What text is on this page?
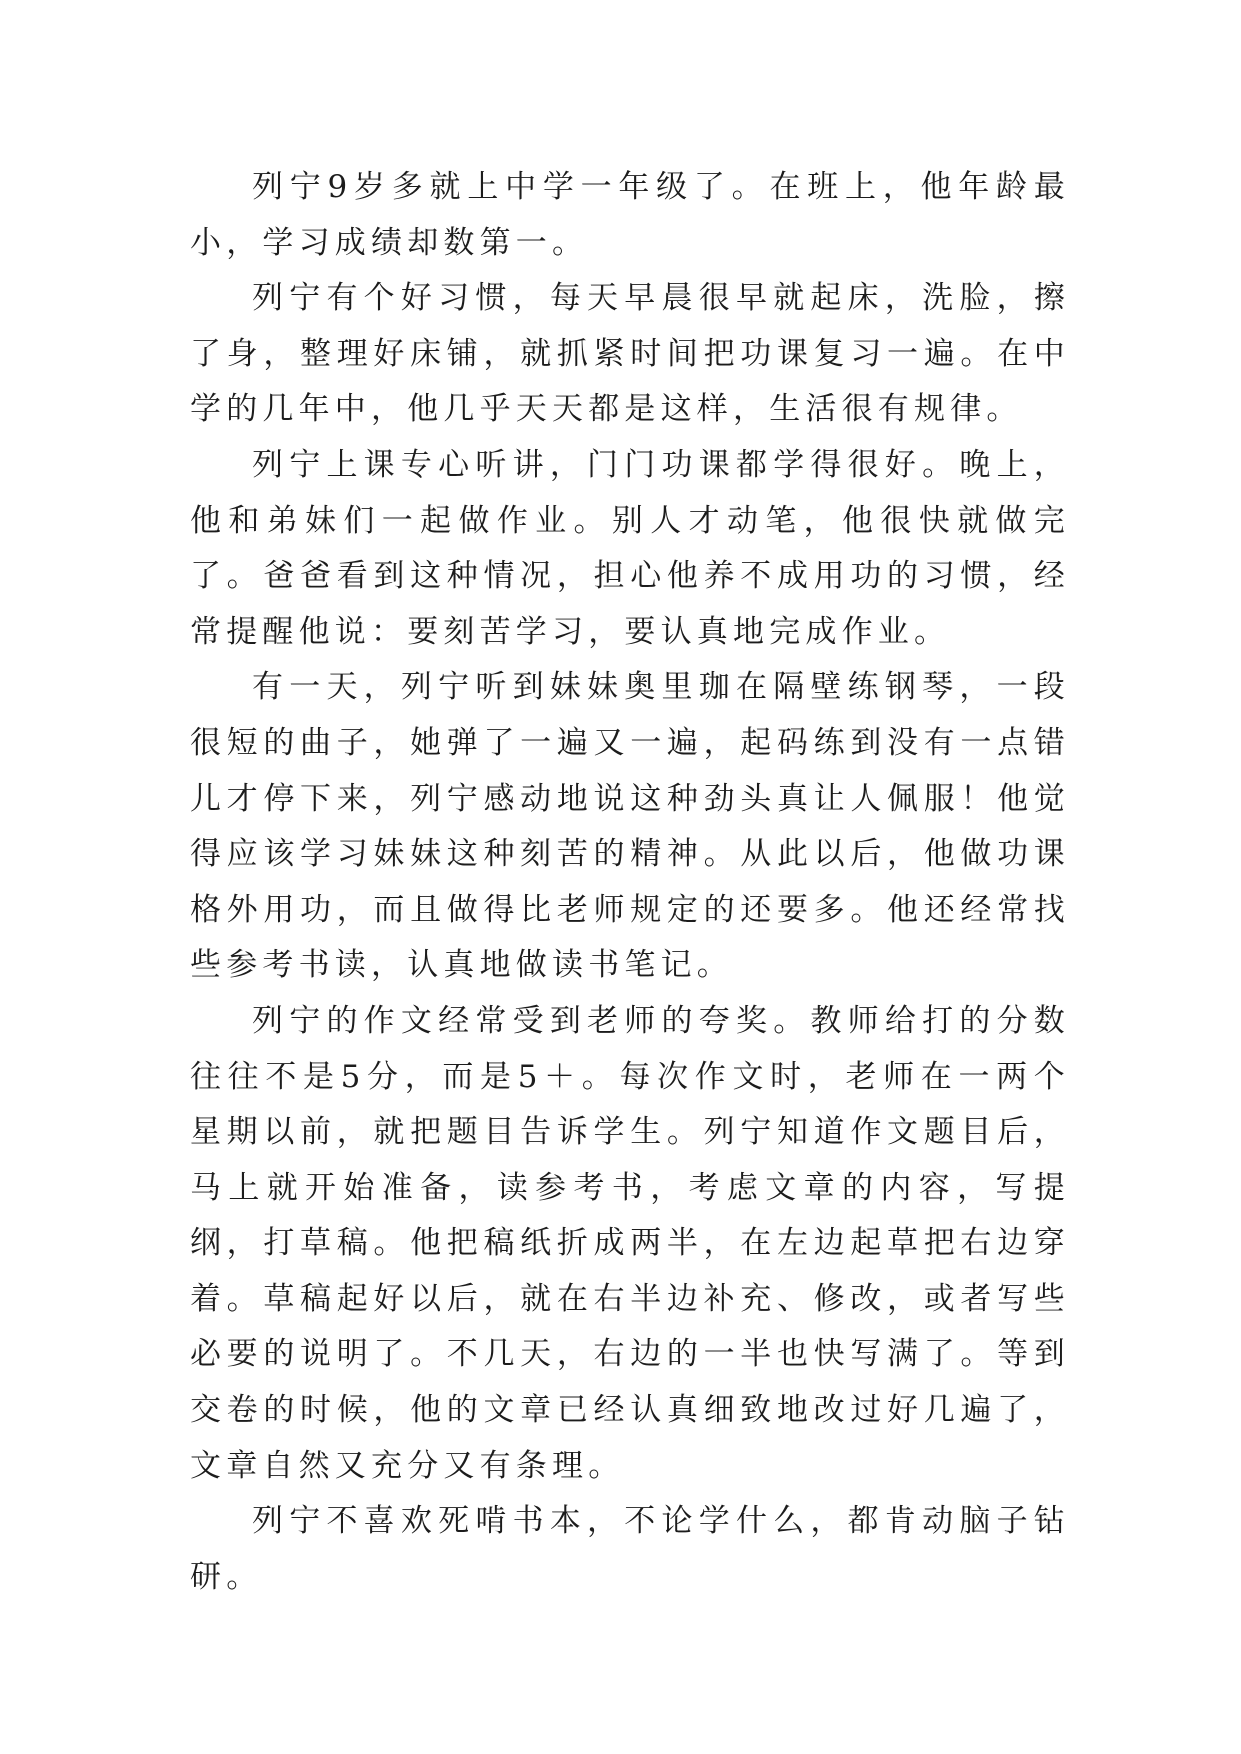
列宁9岁多就上中学一年级了。在班上，他年龄最小，学习成绩却数第一。

列宁有个好习惯，每天早晨很早就起床，洗脸，擦了身，整理好床铺，就抓紧时间把功课复习一遍。在中学的几年中，他几乎天天都是这样，生活很有规律。

列宁上课专心听讲，门门功课都学得很好。晚上，他和弟妹们一起做作业。别人才动笔，他很快就做完了。爸爸看到这种情况，担心他养不成用功的习惯，经常提醒他说：要刻苦学习，要认真地完成作业。

有一天，列宁听到妹妹奥里珈在隔壁练钢琴，一段很短的曲子，她弹了一遍又一遍，起码练到没有一点错儿才停下来，列宁感动地说这种劲头真让人佩服！他觉得应该学习妹妹这种刻苦的精神。从此以后，他做功课格外用功，而且做得比老师规定的还要多。他还经常找些参考书读，认真地做读书笔记。

列宁的作文经常受到老师的夸奖。教师给打的分数往往不是5分，而是5＋。每次作文时，老师在一两个星期以前，就把题目告诉学生。列宁知道作文题目后，马上就开始准备，读参考书，考虑文章的内容，写提纲，打草稿。他把稿纸折成两半，在左边起草把右边穿着。草稿起好以后，就在右半边补充、修改，或者写些必要的说明了。不几天，右边的一半也快写满了。等到交卷的时候，他的文章已经认真细致地改过好几遍了，文章自然又充分又有条理。

列宁不喜欢死啃书本，不论学什么，都肯动脑子钻研。
